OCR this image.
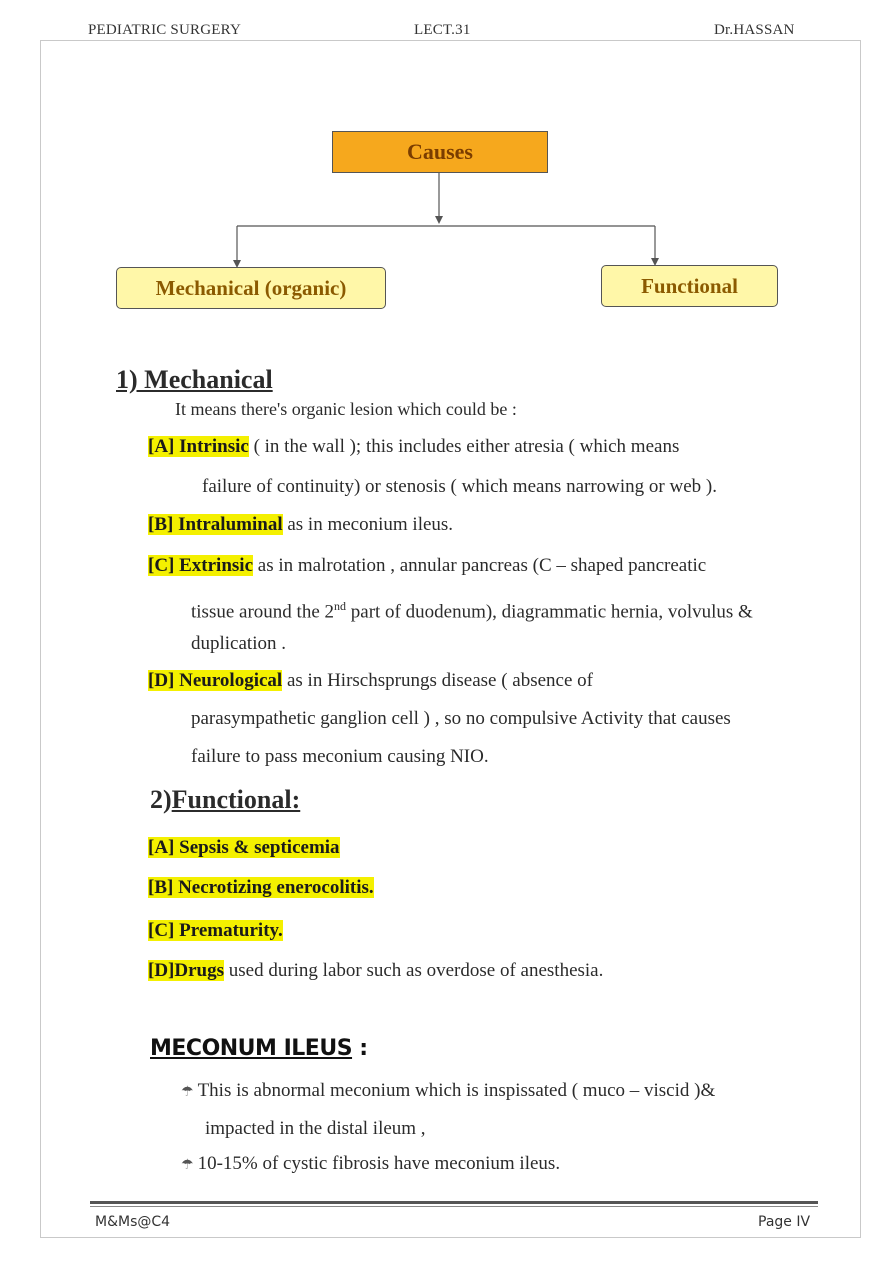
PEDIATRIC SURGERY	LECT.31	Dr.HASSAN
Causes
Mechanical (organic)	Functional
1) Mechanical
It means there's organic lesion which could be :
[A] Intrinsic ( in the wall ); this includes either atresia ( which means
failure of continuity) or stenosis ( which means narrowing or web ).
[B] Intraluminal as in meconium ileus.
[C] Extrinsic as in malrotation , annular pancreas (C – shaped pancreatic
tissue around the 2nd part of duodenum), diagrammatic hernia, volvulus &
duplication .
[D] Neurological as in Hirschsprungs disease ( absence of
parasympathetic ganglion cell ) , so no compulsive Activity that causes
failure to pass meconium causing NIO.
2)Functional:
[A] Sepsis & septicemia
[B] Necrotizing enerocolitis.
[C] Prematurity.
[D]Drugs used during labor such as overdose of anesthesia.
MECONUM ILEUS :
☂ This is abnormal meconium which is inspissated ( muco – viscid )&
impacted in the distal ileum ,
☂ 10-15% of cystic fibrosis have meconium ileus.
M&Ms@C4	Page IV
